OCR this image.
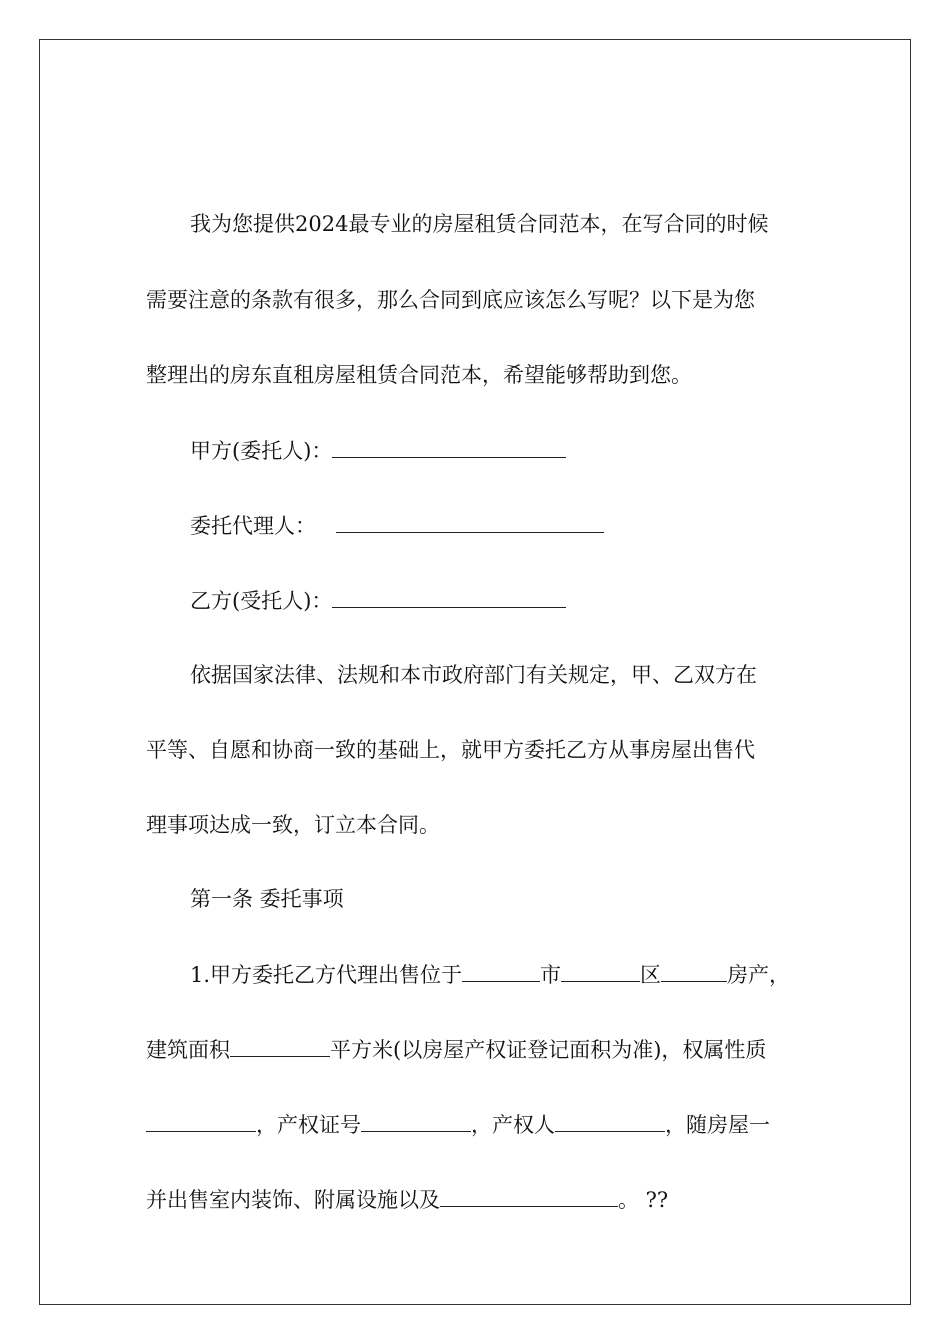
我为您提供2024最专业的房屋租赁合同范本，在写合同的时候
需要注意的条款有很多，那么合同到底应该怎么写呢？以下是为您
整理出的房东直租房屋租赁合同范本，希望能够帮助到您。
甲方(委托人)：
委托代理人：
乙方(受托人)：
依据国家法律、法规和本市政府部门有关规定，甲、乙双方在
平等、自愿和协商一致的基础上，就甲方委托乙方从事房屋出售代
理事项达成一致，订立本合同。
第一条 委托事项
1.甲方委托乙方代理出售位于	市	区	房产，
建筑面积	平方米(以房屋产权证登记面积为准)，权属性质
，产权证号	，产权人	，随房屋一
并出售室内装饰、附属设施以及	。 ??
